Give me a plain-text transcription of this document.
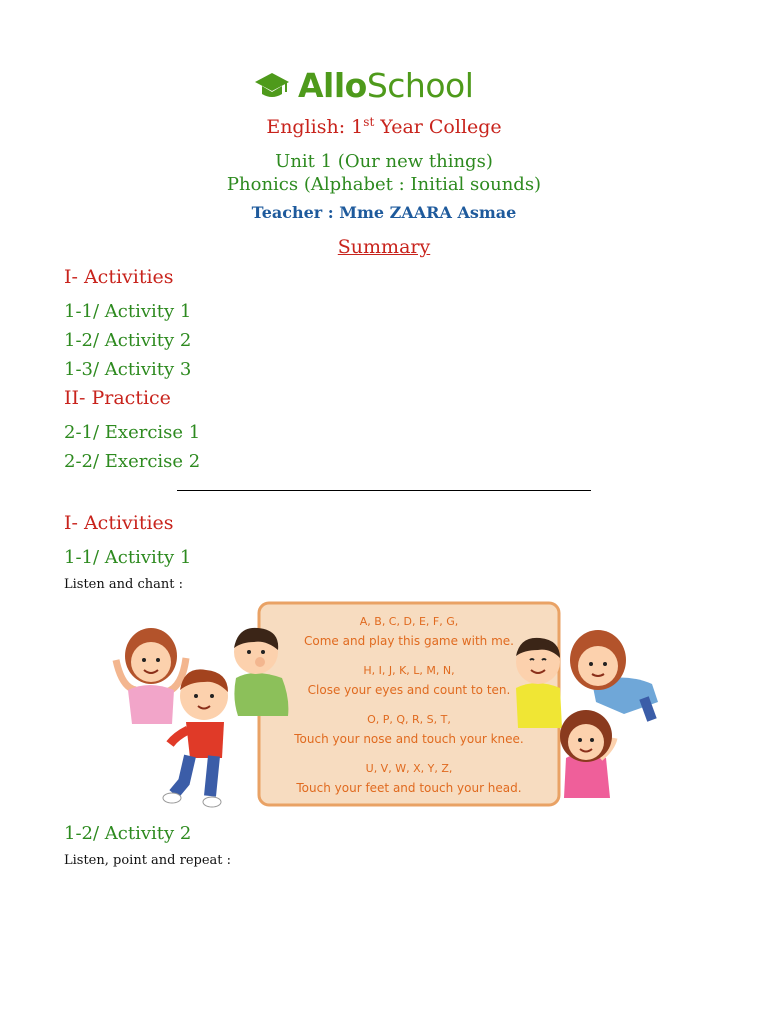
AlloSchool
English: 1st Year College
Unit 1 (Our new things)
Phonics (Alphabet : Initial sounds)
Teacher : Mme ZAARA Asmae
Summary
I- Activities
1-1/ Activity 1
1-2/ Activity 2
1-3/ Activity 3
II- Practice
2-1/ Exercise 1
2-2/ Exercise 2
I- Activities
1-1/ Activity 1
Listen and chant :
A, B, C, D, E, F, G,
Come and play this game with me.
H, I, J, K, L, M, N,
Close your eyes and count to ten.
O, P, Q, R, S, T,
Touch your nose and touch your knee.
U, V, W, X, Y, Z,
Touch your feet and touch your head.
1-2/ Activity 2
Listen, point and repeat :
